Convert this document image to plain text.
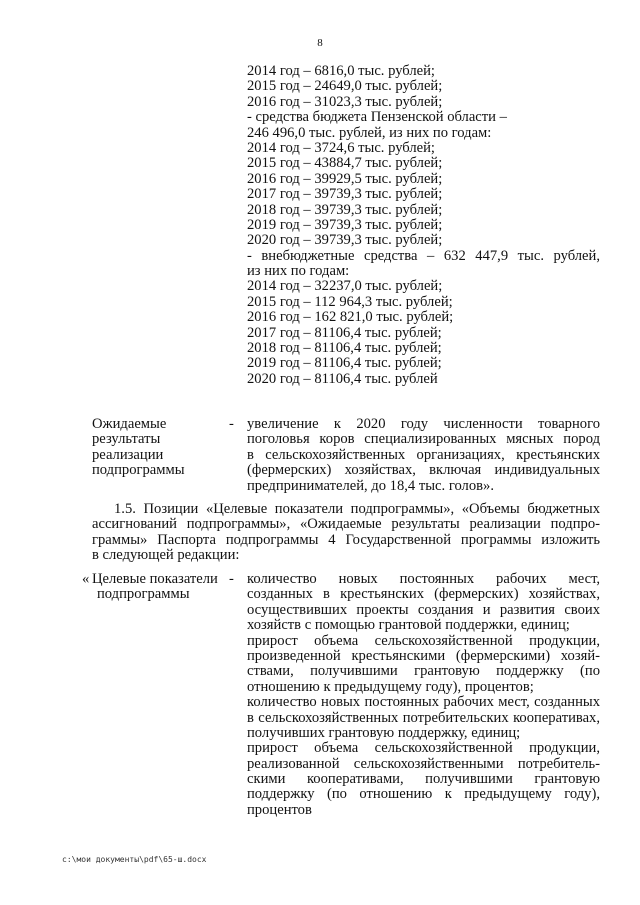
8
2014 год – 6816,0 тыс. рублей;
2015 год – 24649,0 тыс. рублей;
2016 год – 31023,3 тыс. рублей;
- средства бюджета Пензенской области –
246 496,0 тыс. рублей, из них по годам:
2014 год – 3724,6 тыс. рублей;
2015 год – 43884,7 тыс. рублей;
2016 год – 39929,5 тыс. рублей;
2017 год – 39739,3 тыс. рублей;
2018 год – 39739,3 тыс. рублей;
2019 год – 39739,3 тыс. рублей;
2020 год – 39739,3 тыс. рублей;
- внебюджетные средства – 632 447,9 тыс. рублей,
из них по годам:
2014 год – 32237,0 тыс. рублей;
2015 год – 112 964,3 тыс. рублей;
2016 год – 162 821,0 тыс. рублей;
2017 год – 81106,4 тыс. рублей;
2018 год – 81106,4 тыс. рублей;
2019 год – 81106,4 тыс. рублей;
2020 год – 81106,4 тыс. рублей
Ожидаемые
результаты
реализации
подпрограммы
- увеличение к 2020 году численности товарного
поголовья коров специализированных мясных пород
в сельскохозяйственных организациях, крестьянских
(фермерских) хозяйствах, включая индивидуальных
предпринимателей, до 18,4 тыс. голов».
1.5. Позиции «Целевые показатели подпрограммы», «Объемы бюджетных
ассигнований подпрограммы», «Ожидаемые результаты реализации подпро-
граммы» Паспорта подпрограммы 4 Государственной программы изложить
в следующей редакции:
« Целевые показатели
подпрограммы
- количество новых постоянных рабочих мест,
созданных в крестьянских (фермерских) хозяйствах,
осуществивших проекты создания и развития своих
хозяйств с помощью грантовой поддержки, единиц;
прирост объема сельскохозяйственной продукции,
произведенной крестьянскими (фермерскими) хозяй-
ствами, получившими грантовую поддержку (по
отношению к предыдущему году), процентов;
количество новых постоянных рабочих мест, созданных
в сельскохозяйственных потребительских кооперативах,
получивших грантовую поддержку, единиц;
прирост объема сельскохозяйственной продукции,
реализованной сельскохозяйственными потребитель-
скими кооперативами, получившими грантовую
поддержку (по отношению к предыдущему году),
процентов
c:\мои документы\pdf\65-ш.docx
